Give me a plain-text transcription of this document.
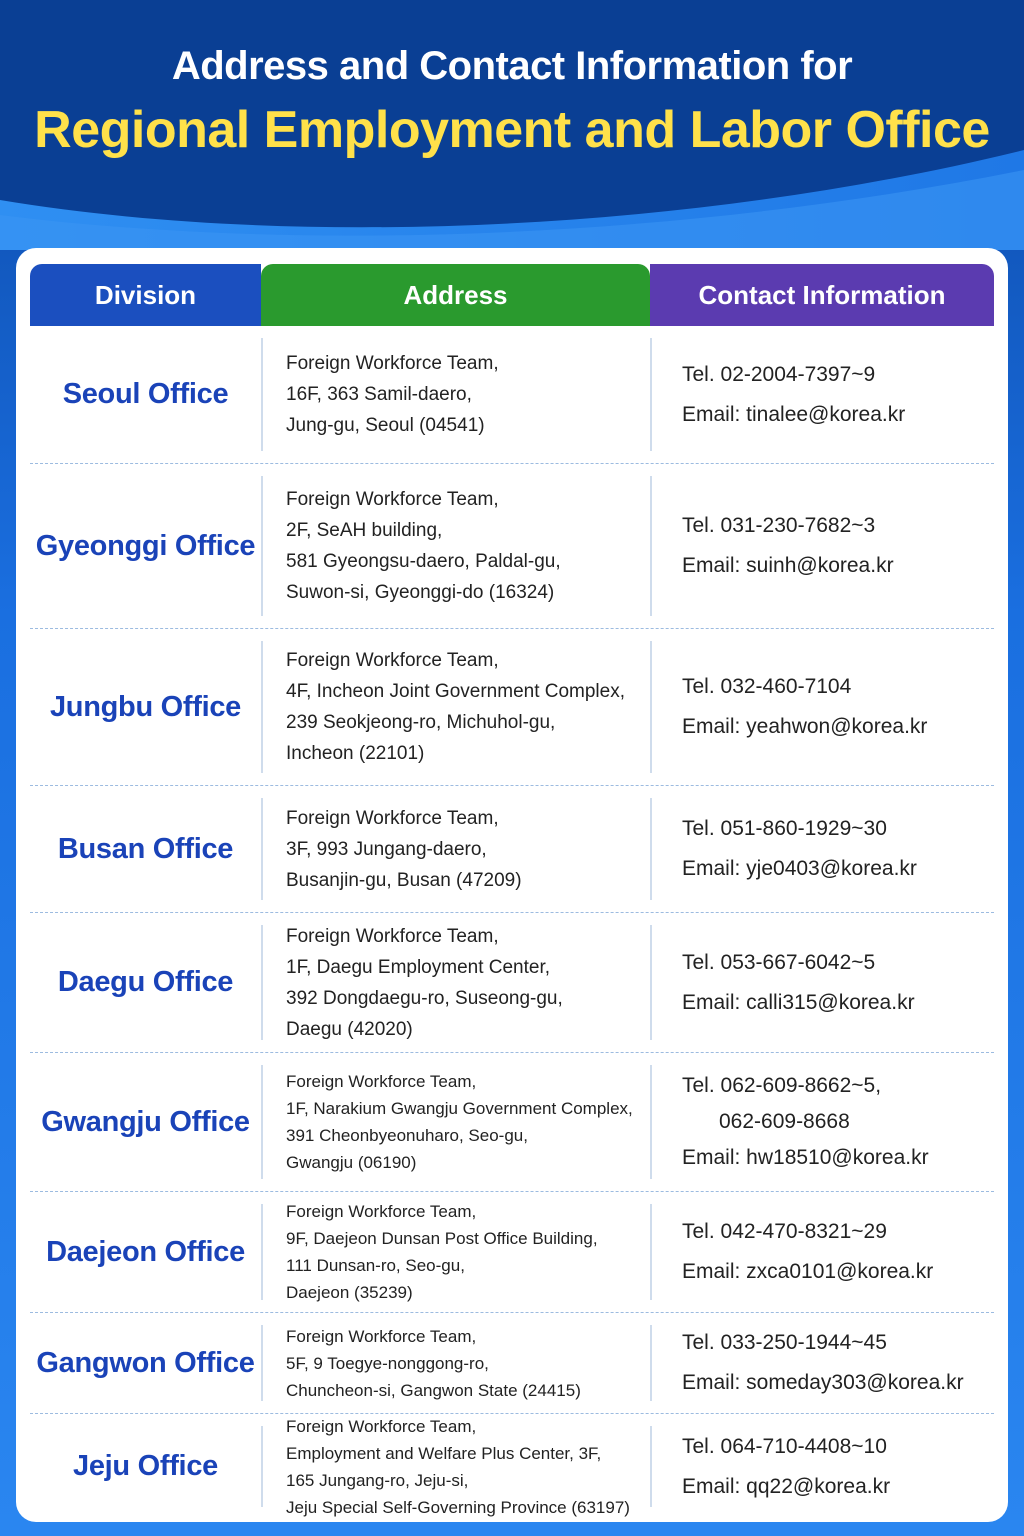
Address and Contact Information for
Regional Employment and Labor Office
Division	Address	Contact Information
Seoul Office
Foreign Workforce Team,
16F, 363 Samil-daero,
Jung-gu, Seoul (04541)
Tel. 02-2004-7397~9
Email: tinalee@korea.kr
Gyeonggi Office
Foreign Workforce Team,
2F, SeAH building,
581 Gyeongsu-daero, Paldal-gu,
Suwon-si, Gyeonggi-do (16324)
Tel. 031-230-7682~3
Email: suinh@korea.kr
Jungbu Office
Foreign Workforce Team,
4F, Incheon Joint Government Complex,
239 Seokjeong-ro, Michuhol-gu,
Incheon (22101)
Tel. 032-460-7104
Email: yeahwon@korea.kr
Busan Office
Foreign Workforce Team,
3F, 993 Jungang-daero,
Busanjin-gu, Busan (47209)
Tel. 051-860-1929~30
Email: yje0403@korea.kr
Daegu Office
Foreign Workforce Team,
1F, Daegu Employment Center,
392 Dongdaegu-ro, Suseong-gu,
Daegu (42020)
Tel. 053-667-6042~5
Email: calli315@korea.kr
Gwangju Office
Foreign Workforce Team,
1F, Narakium Gwangju Government Complex,
391 Cheonbyeonuharo, Seo-gu,
Gwangju (06190)
Tel. 062-609-8662~5,
062-609-8668
Email: hw18510@korea.kr
Daejeon Office
Foreign Workforce Team,
9F, Daejeon Dunsan Post Office Building,
111 Dunsan-ro, Seo-gu,
Daejeon (35239)
Tel. 042-470-8321~29
Email: zxca0101@korea.kr
Gangwon Office
Foreign Workforce Team,
5F, 9 Toegye-nonggong-ro,
Chuncheon-si, Gangwon State (24415)
Tel. 033-250-1944~45
Email: someday303@korea.kr
Jeju Office
Foreign Workforce Team,
Employment and Welfare Plus Center, 3F,
165 Jungang-ro, Jeju-si,
Jeju Special Self-Governing Province (63197)
Tel. 064-710-4408~10
Email: qq22@korea.kr
